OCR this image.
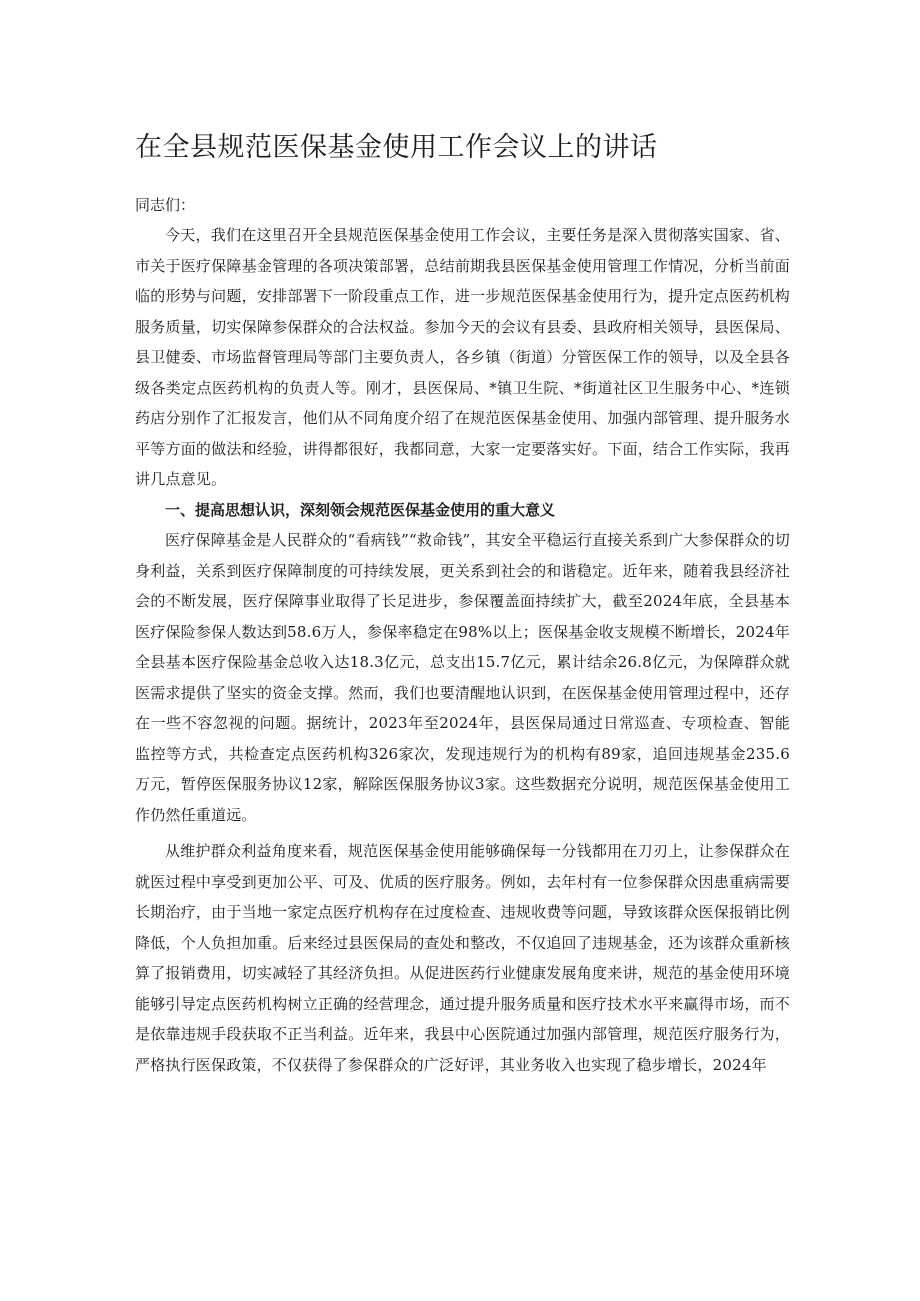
在全县规范医保基金使用工作会议上的讲话

同志们：

今天，我们在这里召开全县规范医保基金使用工作会议，主要任务是深入贯彻落实国家、省、市关于医疗保障基金管理的各项决策部署，总结前期我县医保基金使用管理工作情况，分析当前面临的形势与问题，安排部署下一阶段重点工作，进一步规范医保基金使用行为，提升定点医药机构服务质量，切实保障参保群众的合法权益。参加今天的会议有县委、县政府相关领导，县医保局、县卫健委、市场监督管理局等部门主要负责人，各乡镇（街道）分管医保工作的领导，以及全县各级各类定点医药机构的负责人等。刚才，县医保局、*镇卫生院、*街道社区卫生服务中心、*连锁药店分别作了汇报发言，他们从不同角度介绍了在规范医保基金使用、加强内部管理、提升服务水平等方面的做法和经验，讲得都很好，我都同意，大家一定要落实好。下面，结合工作实际，我再讲几点意见。

一、提高思想认识，深刻领会规范医保基金使用的重大意义

医疗保障基金是人民群众的“看病钱”“救命钱”，其安全平稳运行直接关系到广大参保群众的切身利益，关系到医疗保障制度的可持续发展，更关系到社会的和谐稳定。近年来，随着我县经济社会的不断发展，医疗保障事业取得了长足进步，参保覆盖面持续扩大，截至2024年底，全县基本医疗保险参保人数达到58.6万人，参保率稳定在98%以上；医保基金收支规模不断增长，2024年全县基本医疗保险基金总收入达18.3亿元，总支出15.7亿元，累计结余26.8亿元，为保障群众就医需求提供了坚实的资金支撑。然而，我们也要清醒地认识到，在医保基金使用管理过程中，还存在一些不容忽视的问题。据统计，2023年至2024年，县医保局通过日常巡查、专项检查、智能监控等方式，共检查定点医药机构326家次，发现违规行为的机构有89家，追回违规基金235.6万元，暂停医保服务协议12家，解除医保服务协议3家。这些数据充分说明，规范医保基金使用工作仍然任重道远。

从维护群众利益角度来看，规范医保基金使用能够确保每一分钱都用在刀刃上，让参保群众在就医过程中享受到更加公平、可及、优质的医疗服务。例如，去年村有一位参保群众因患重病需要长期治疗，由于当地一家定点医疗机构存在过度检查、违规收费等问题，导致该群众医保报销比例降低，个人负担加重。后来经过县医保局的查处和整改，不仅追回了违规基金，还为该群众重新核算了报销费用，切实减轻了其经济负担。从促进医药行业健康发展角度来讲，规范的基金使用环境能够引导定点医药机构树立正确的经营理念，通过提升服务质量和医疗技术水平来赢得市场，而不是依靠违规手段获取不正当利益。近年来，我县中心医院通过加强内部管理，规范医疗服务行为，严格执行医保政策，不仅获得了参保群众的广泛好评，其业务收入也实现了稳步增长，2024年
